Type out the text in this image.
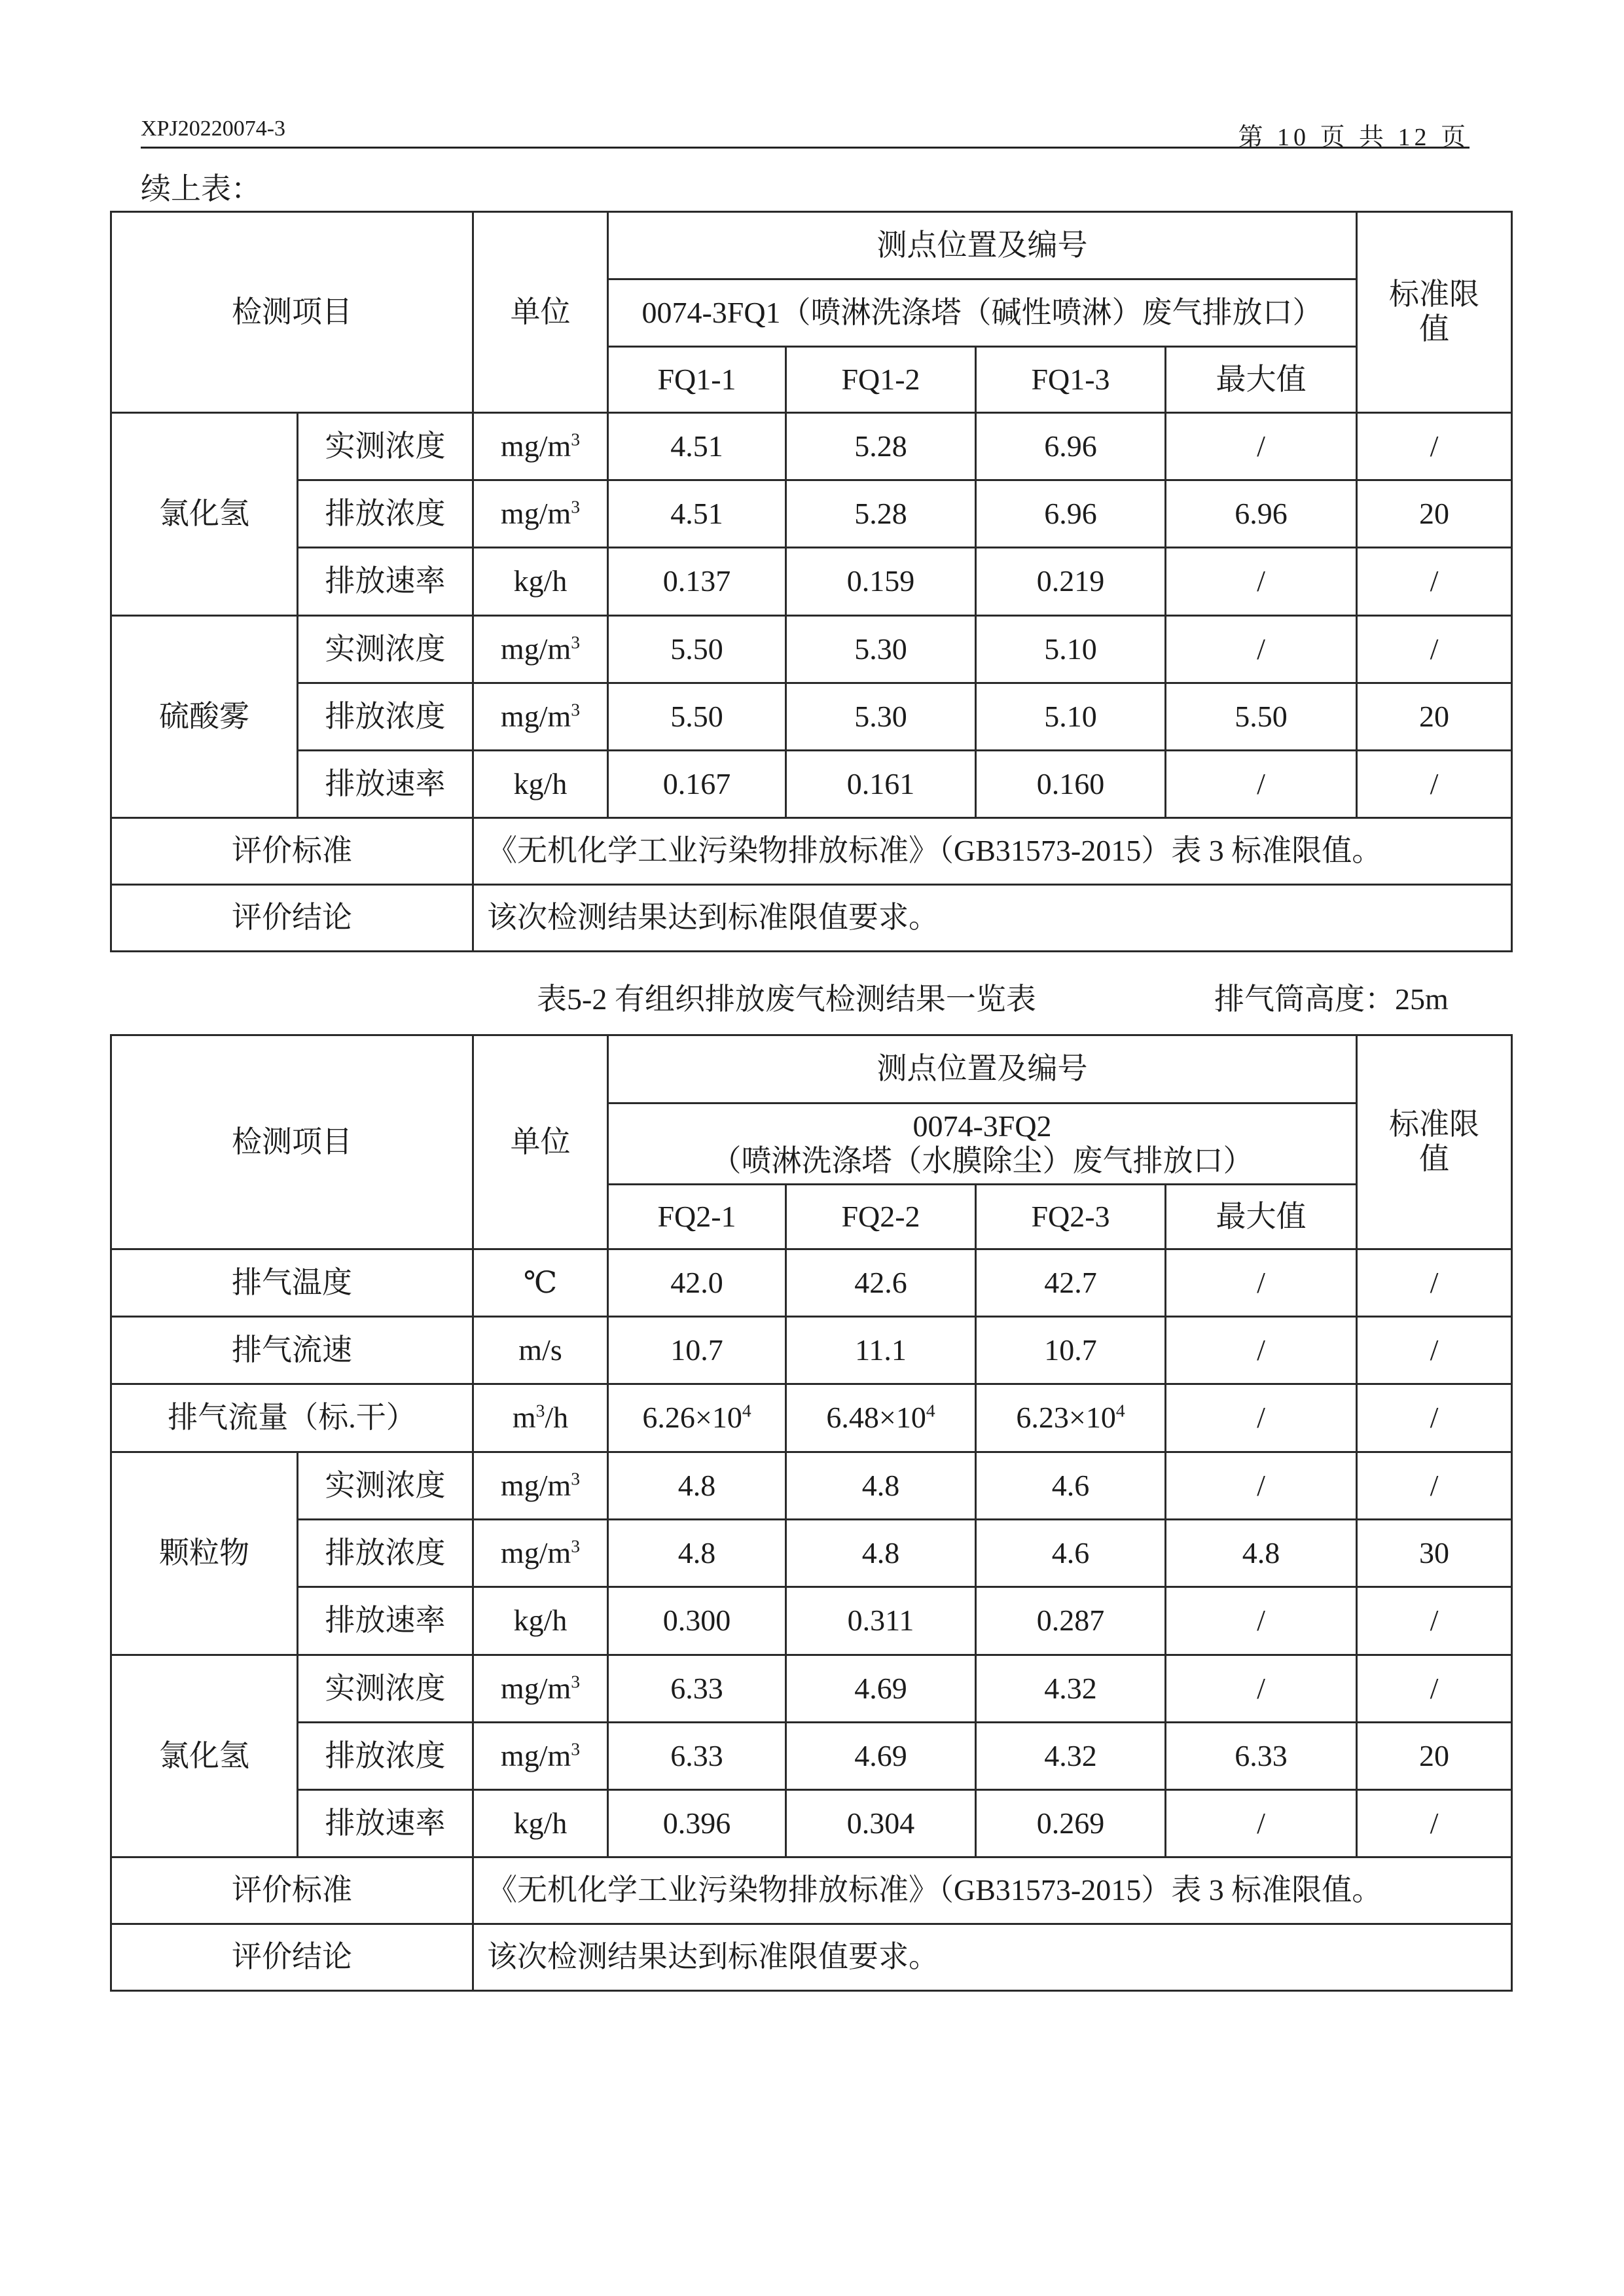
XPJ20220074-3	第 10 页 共 12 页
续上表：
检测项目		单位	测点位置及编号				标准限值
			0074-3FQ1（喷淋洗涤塔（碱性喷淋）废气排放口）				
			FQ1-1	FQ1-2	FQ1-3	最大值	
氯化氢	实测浓度	$mg/m^3$	4.51	5.28	6.96	/	/
	排放浓度	$mg/m^3$	4.51	5.28	6.96	6.96	20
	排放速率	kg/h	0.137	0.159	0.219	/	/
硫酸雾	实测浓度	$mg/m^3$	5.50	5.30	5.10	/	/
	排放浓度	$mg/m^3$	5.50	5.30	5.10	5.50	20
	排放速率	kg/h	0.167	0.161	0.160	/	/
评价标准		《无机化学工业污染物排放标准》（GB31573-2015）表 3 标准限值。					
评价结论		该次检测结果达到标准限值要求。					
表5-2 有组织排放废气检测结果一览表	排气筒高度：25m
检测项目		单位	测点位置及编号				标准限值

			0074-3FQ2
（喷淋洗涤塔（水膜除尘）废气排放口）				

			FQ2-1	FQ2-2	FQ2-3	最大值	
排气温度		℃	42.0	42.6	42.7	/	/
排气流速		m/s	10.7	11.1	10.7	/	/
排气流量（标.干）		$m^3/h$	$6.26\times 10^4$	$6.48\times 10^4$	$6.23\times 10^4$	/	/
颗粒物	实测浓度	$mg/m^3$	4.8	4.8	4.6	/	/
	排放浓度	$mg/m^3$	4.8	4.8	4.6	4.8	30
	排放速率	kg/h	0.300	0.311	0.287	/	/
氯化氢	实测浓度	$mg/m^3$	6.33	4.69	4.32	/	/
	排放浓度	$mg/m^3$	6.33	4.69	4.32	6.33	20
	排放速率	kg/h	0.396	0.304	0.269	/	/
评价标准		《无机化学工业污染物排放标准》（GB31573-2015）表 3 标准限值。					
评价结论		该次检测结果达到标准限值要求。					
